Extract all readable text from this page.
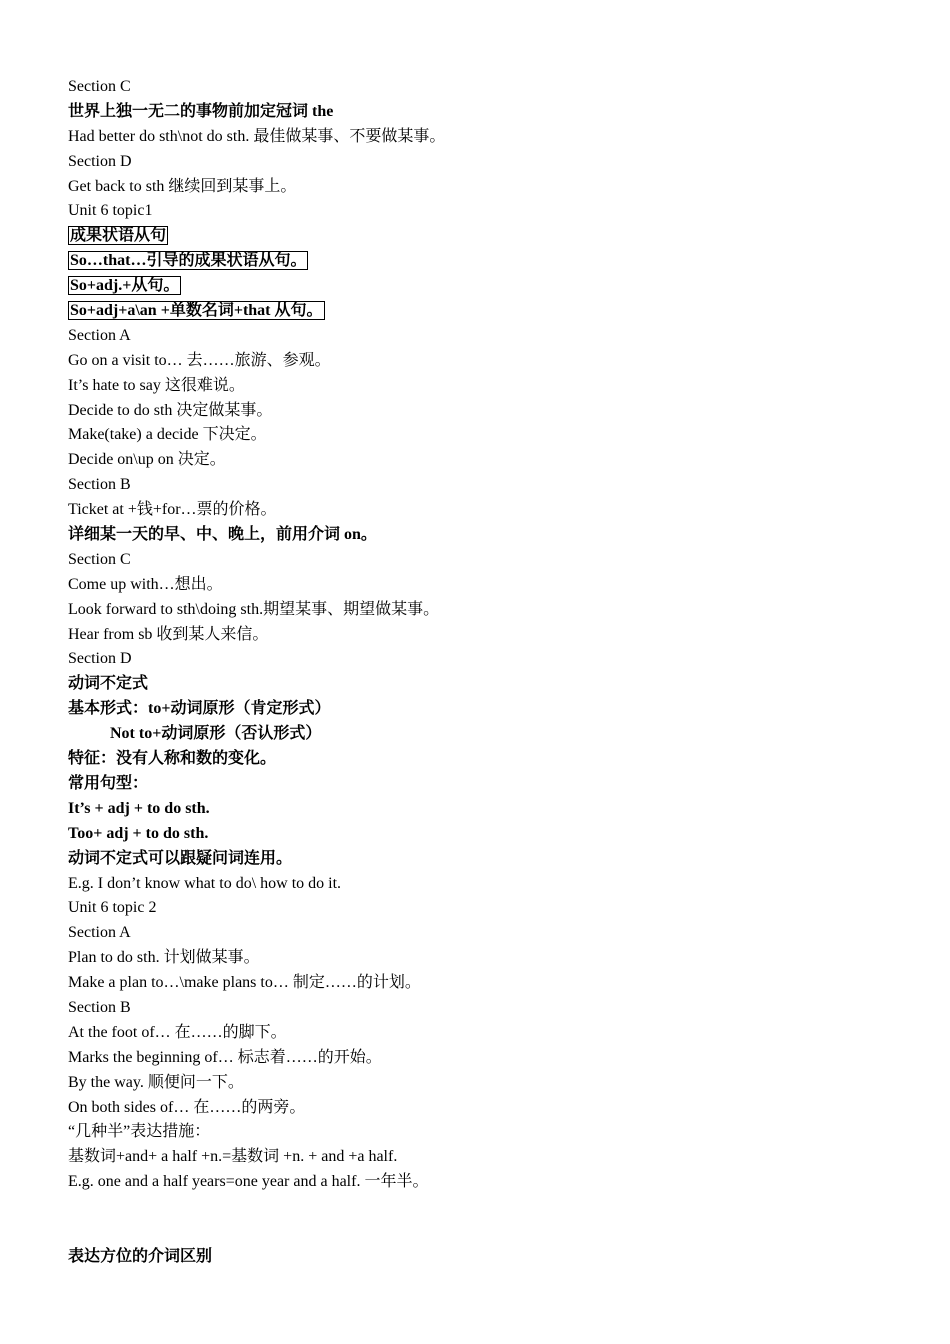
Section C
世界上独一无二的事物前加定冠词 the
Had better do sth\not do sth. 最佳做某事、不要做某事。
Section D
Get back to sth 继续回到某事上。
Unit 6 topic1
成果状语从句
So…that…引导的成果状语从句。
So+adj.+从句。
So+adj+a\an +单数名词+that 从句。
Section A
Go on a visit to… 去……旅游、参观。
It’s hate to say 这很难说。
Decide to do sth 决定做某事。
Make(take) a decide 下决定。
Decide on\up on 决定。
Section B
Ticket at +钱+for…票的价格。
详细某一天的早、中、晚上，前用介词 on。
Section C
Come up with…想出。
Look forward to sth\doing sth.期望某事、期望做某事。
Hear from sb 收到某人来信。
Section D
动词不定式
基本形式：to+动词原形（肯定形式）
Not to+动词原形（否认形式）
特征：没有人称和数的变化。
常用句型：
It’s + adj + to do sth.
Too+ adj + to do sth.
动词不定式可以跟疑问词连用。
E.g. I don’t know what to do\ how to do it.
Unit 6 topic 2
Section A
Plan to do sth. 计划做某事。
Make a plan to…\make plans to… 制定……的计划。
Section B
At the foot of… 在……的脚下。
Marks the beginning of… 标志着……的开始。
By the way. 顺便问一下。
On both sides of… 在……的两旁。
“几种半”表达措施：
基数词+and+ a half +n.=基数词 +n. + and +a half.
E.g. one and a half years=one year and a half. 一年半。
表达方位的介词区别
